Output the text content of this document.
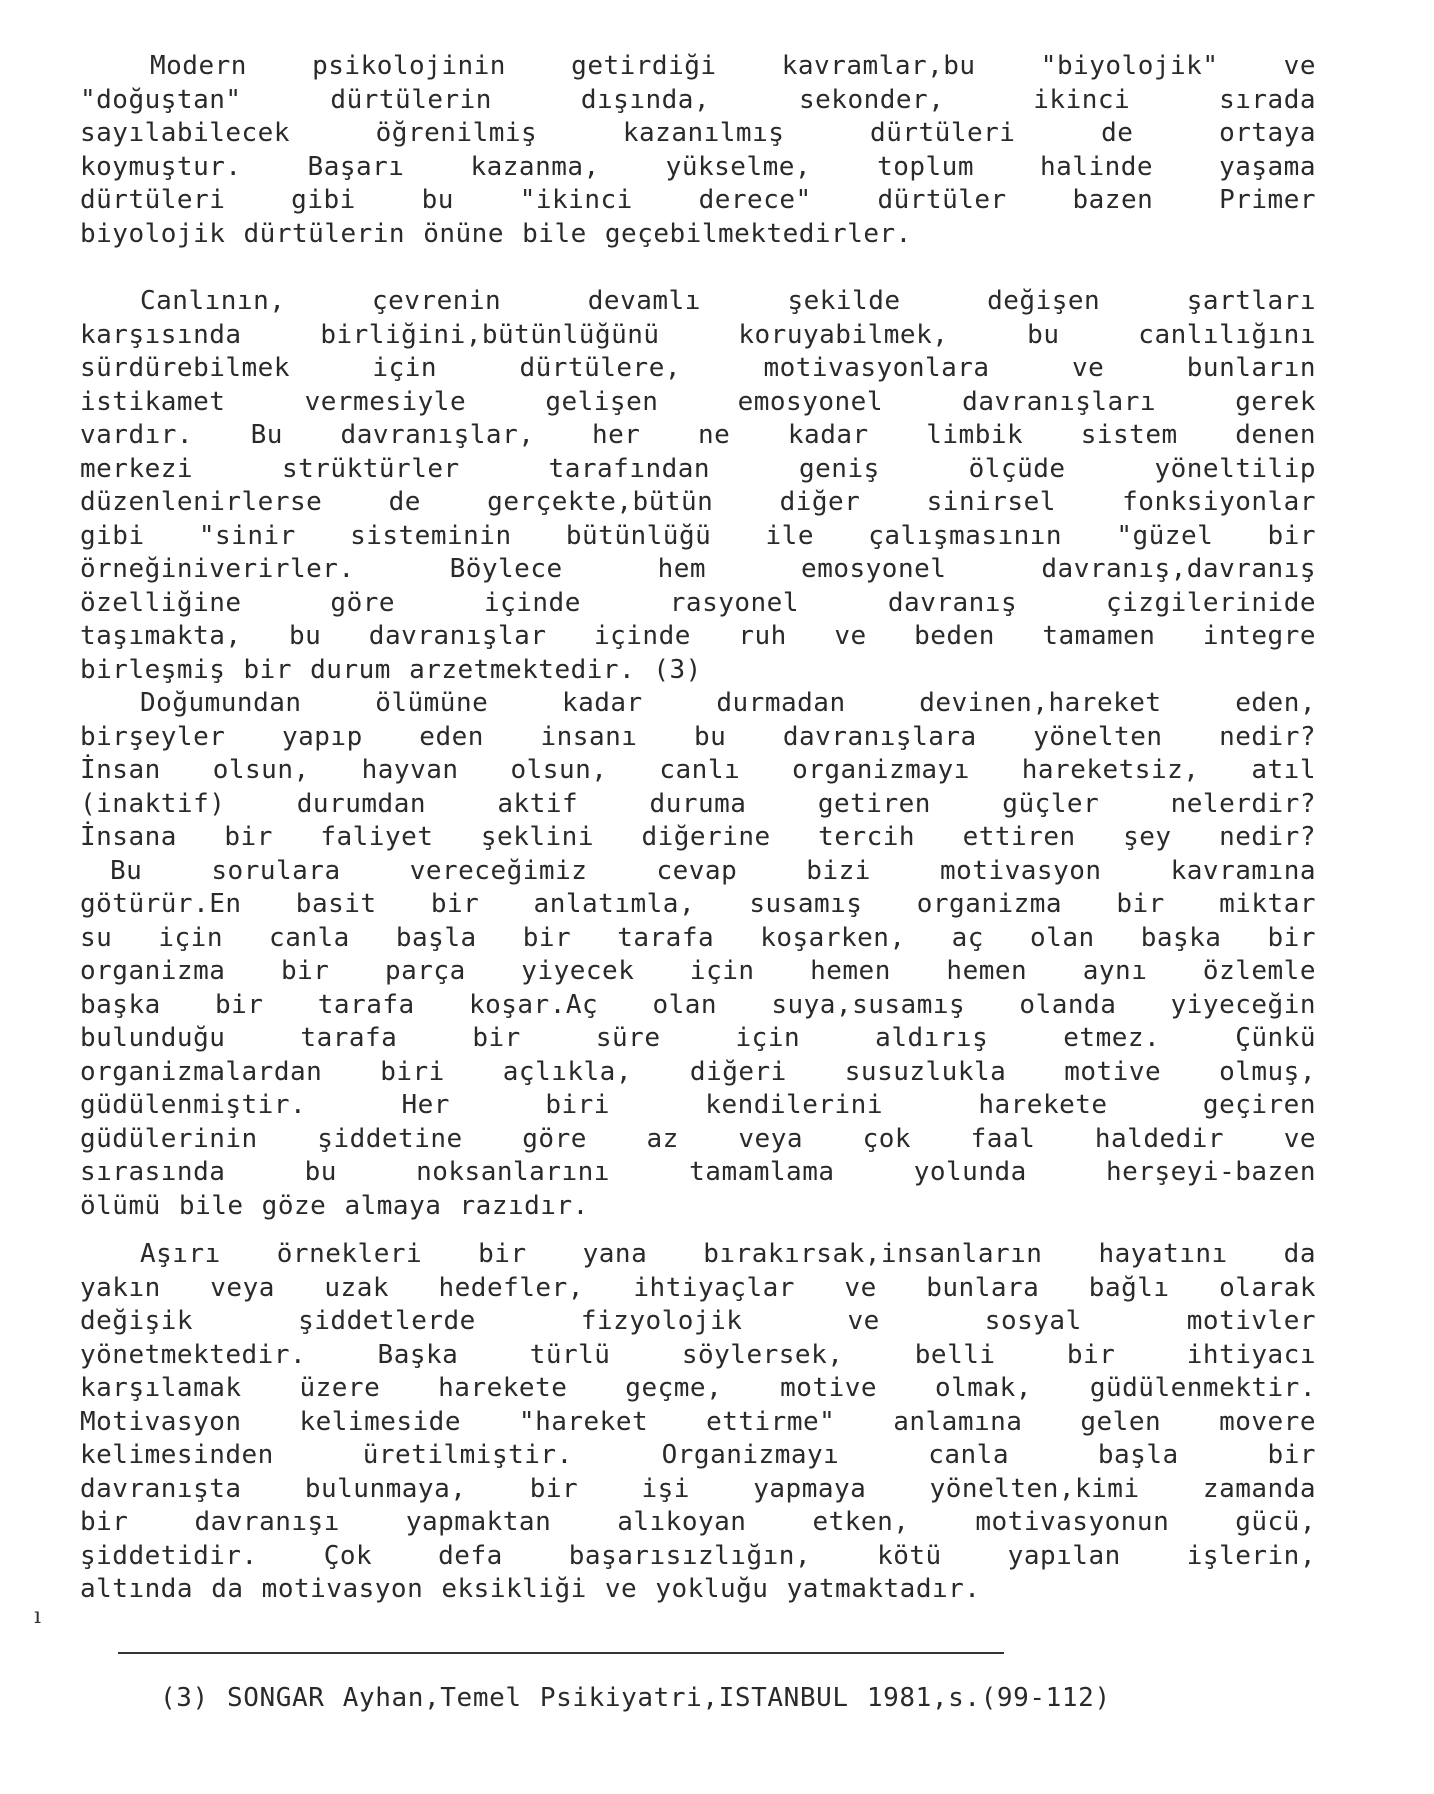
Modern psikolojinin getirdiği kavramlar,bu "biyolojik" ve
"doğuştan" dürtülerin dışında, sekonder, ikinci sırada
sayılabilecek öğrenilmiş kazanılmış dürtüleri de ortaya
koymuştur. Başarı kazanma, yükselme, toplum halinde yaşama
dürtüleri gibi bu "ikinci derece" dürtüler bazen Primer
biyolojik dürtülerin önüne bile geçebilmektedirler.
Canlının, çevrenin devamlı şekilde değişen şartları
karşısında birliğini,bütünlüğünü koruyabilmek, bu canlılığını
sürdürebilmek için dürtülere, motivasyonlara ve bunların
istikamet vermesiyle gelişen emosyonel davranışları gerek
vardır. Bu davranışlar, her ne kadar limbik sistem denen
merkezi strüktürler tarafından geniş ölçüde yöneltilip
düzenlenirlerse de gerçekte,bütün diğer sinirsel fonksiyonlar
gibi "sinir sisteminin bütünlüğü ile çalışmasının "güzel bir
örneğiniverirler. Böylece hem emosyonel davranış,davranış
özelliğine göre içinde rasyonel davranış çizgilerinide
taşımakta, bu davranışlar içinde ruh ve beden tamamen integre
birleşmiş bir durum arzetmektedir. (3)
Doğumundan ölümüne kadar durmadan devinen,hareket eden,
birşeyler yapıp eden insanı bu davranışlara yönelten nedir?
İnsan olsun, hayvan olsun, canlı organizmayı hareketsiz, atıl
(inaktif) durumdan aktif duruma getiren güçler nelerdir?
İnsana bir faliyet şeklini diğerine tercih ettiren şey nedir?
Bu sorulara vereceğimiz cevap bizi motivasyon kavramına
götürür.En basit bir anlatımla, susamış organizma bir miktar
su için canla başla bir tarafa koşarken, aç olan başka bir
organizma bir parça yiyecek için hemen hemen aynı özlemle
başka bir tarafa koşar.Aç olan suya,susamış olanda yiyeceğin
bulunduğu tarafa bir süre için aldırış etmez. Çünkü
organizmalardan biri açlıkla, diğeri susuzlukla motive olmuş,
güdülenmiştir. Her biri kendilerini harekete geçiren
güdülerinin şiddetine göre az veya çok faal haldedir ve
sırasında bu noksanlarını tamamlama yolunda herşeyi-bazen
ölümü bile göze almaya razıdır.
Aşırı örnekleri bir yana bırakırsak,insanların hayatını da
yakın veya uzak hedefler, ihtiyaçlar ve bunlara bağlı olarak
değişik şiddetlerde fizyolojik ve sosyal motivler
yönetmektedir. Başka türlü söylersek, belli bir ihtiyacı
karşılamak üzere harekete geçme, motive olmak, güdülenmektir.
Motivasyon kelimeside "hareket ettirme" anlamına gelen movere
kelimesinden üretilmiştir. Organizmayı canla başla bir
davranışta bulunmaya, bir işi yapmaya yönelten,kimi zamanda
bir davranışı yapmaktan alıkoyan etken, motivasyonun gücü,
şiddetidir. Çok defa başarısızlığın, kötü yapılan işlerin,
altında da motivasyon eksikliği ve yokluğu yatmaktadır.
ı
(3) SONGAR Ayhan,Temel Psikiyatri,ISTANBUL 1981,s.(99-112)
